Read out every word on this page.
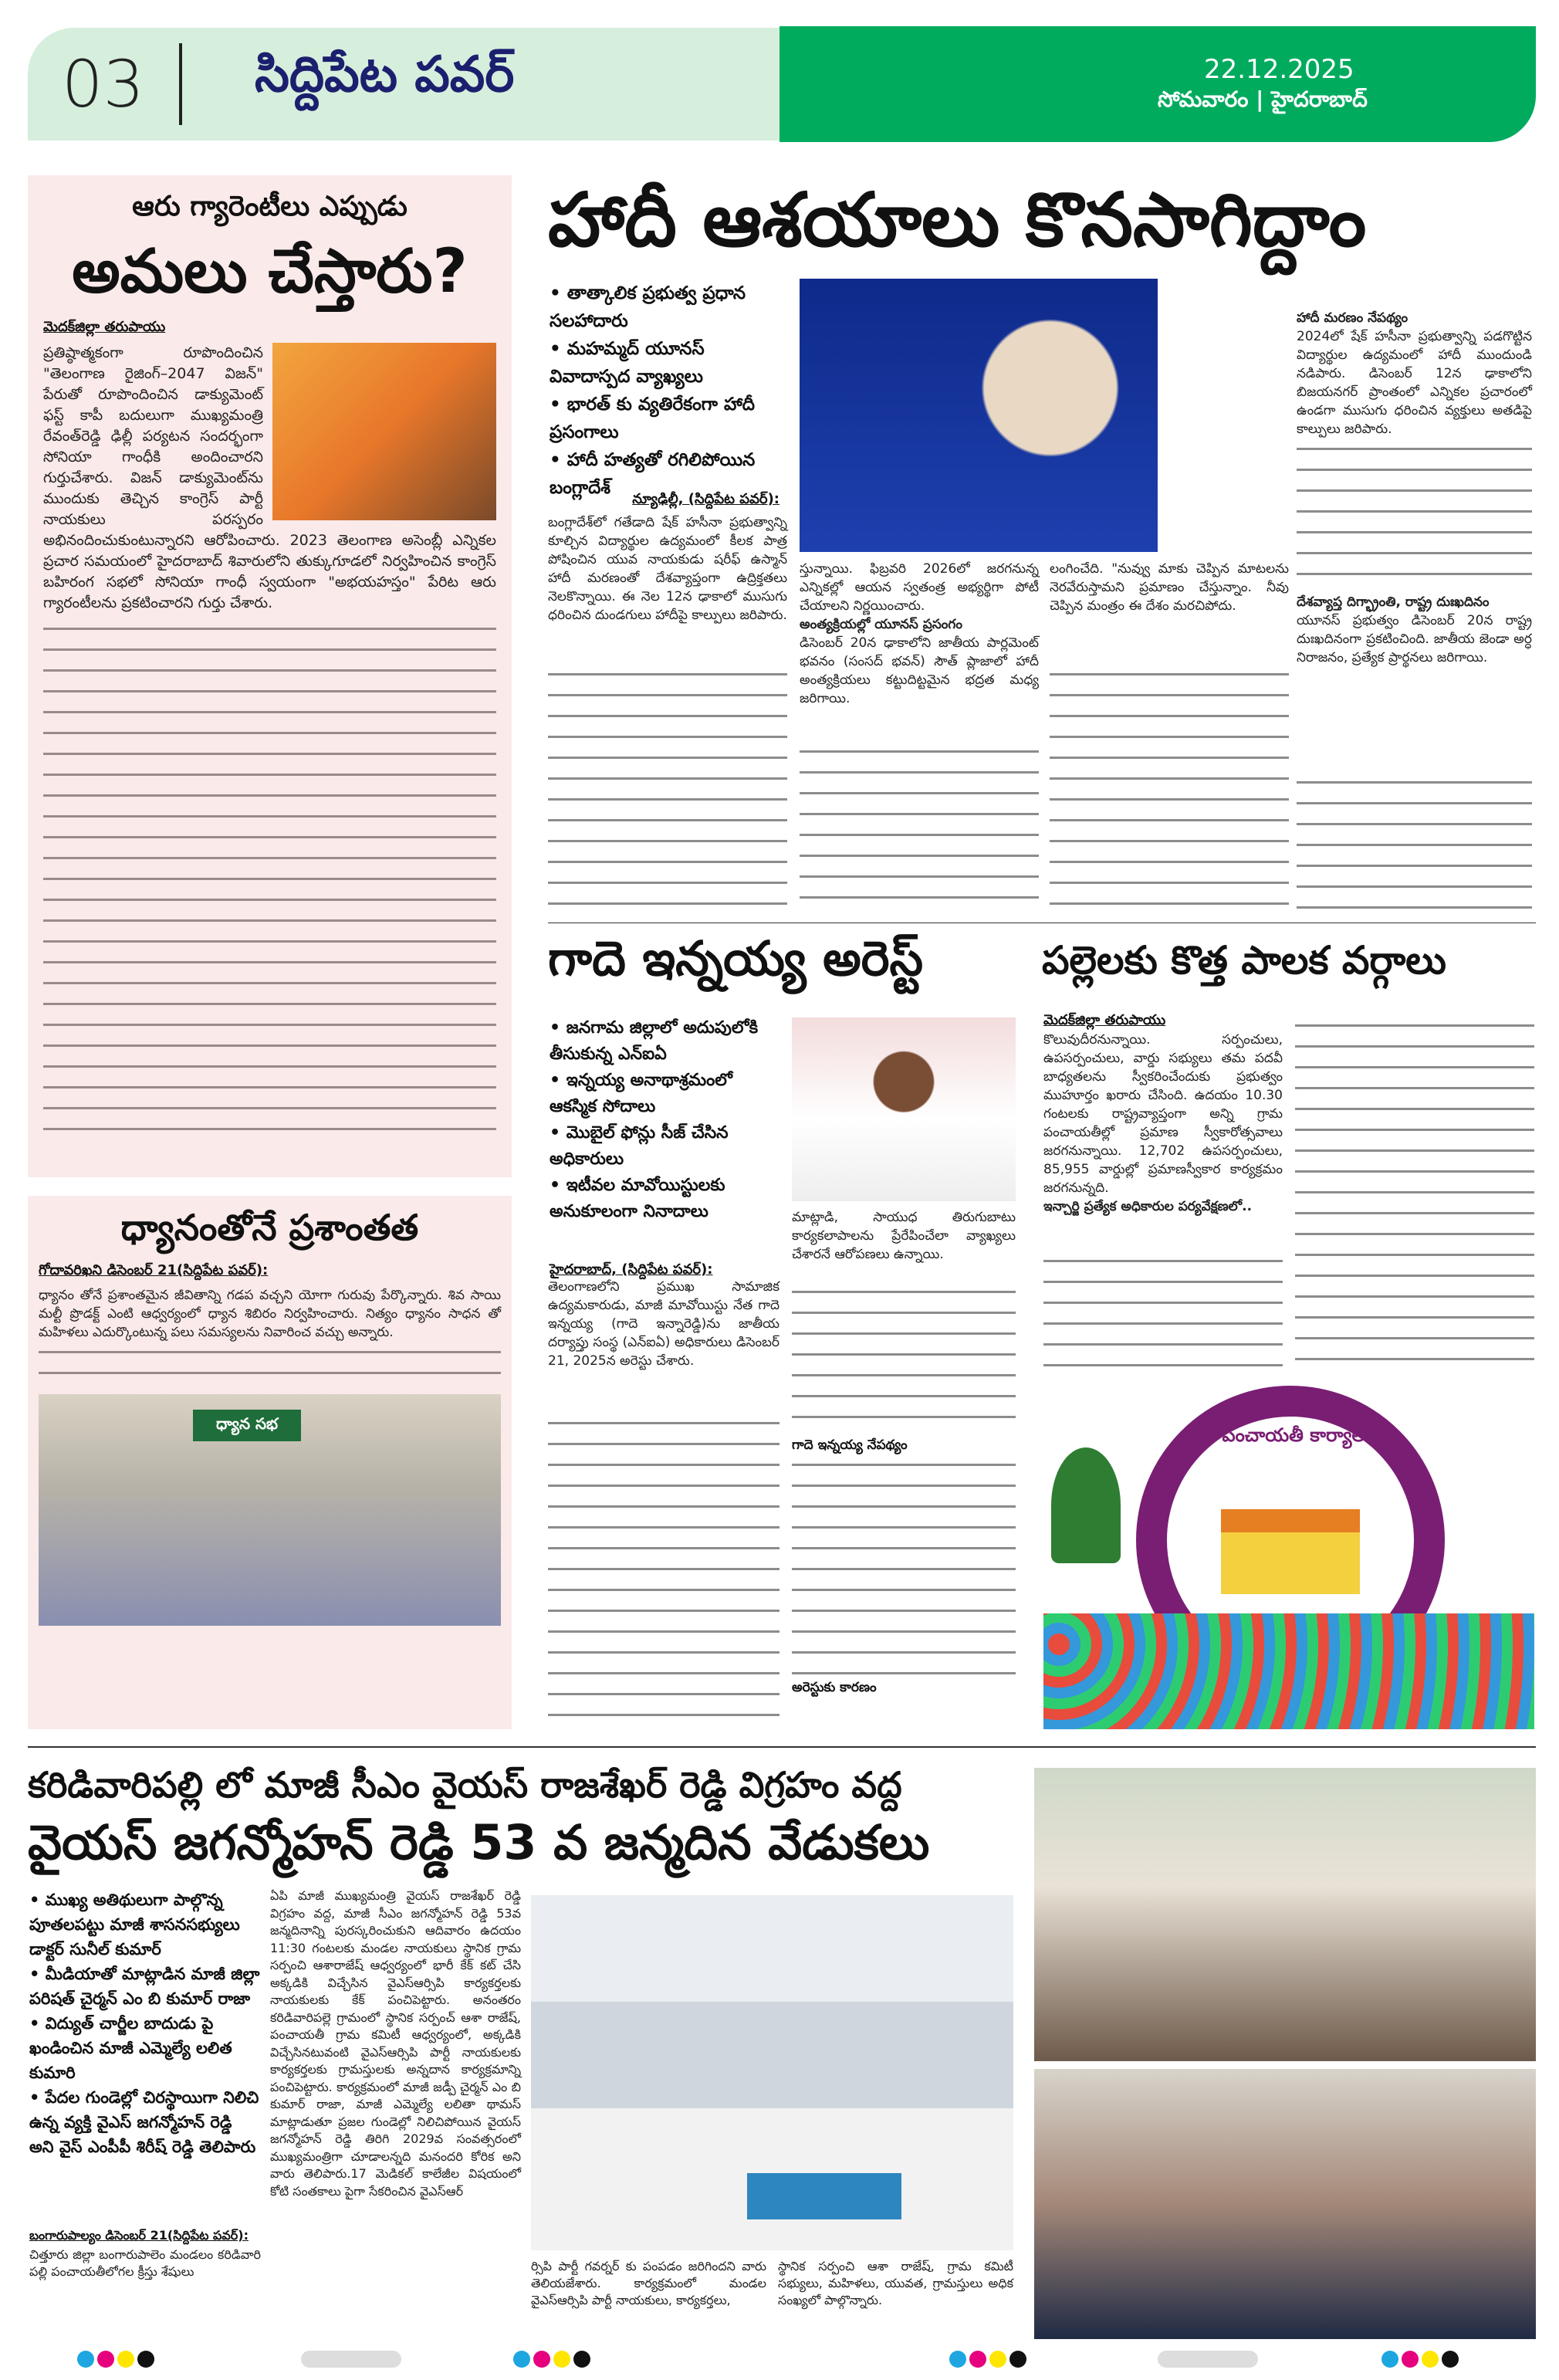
03 సిద్దిపేట పవర్	22.12.2025
సోమవారం | హైదరాబాద్
ఆరు గ్యారెంటీలు ఎప్పుడు
అమలు చేస్తారు?
మెదక్‌జిల్లా తరుపాయు
ప్రతిష్ఠాత్మకంగా రూపొందించిన "తెలంగాణ రైజింగ్–2047 విజన్" పేరుతో రూపొందించిన డాక్యుమెంట్ ఫస్ట్ కాపీ బదులుగా ముఖ్యమంత్రి రేవంత్‌రెడ్డి ఢిల్లీ పర్యటన సందర్భంగా సోనియా గాంధీకి అందించారని గుర్తుచేశారు. విజన్ డాక్యుమెంట్‌ను ముందుకు తెచ్చిన కాంగ్రెస్ పార్టీ నాయకులు పరస్పరం అభినందించుకుంటున్నారని ఆరోపించారు. 2023 తెలంగాణ అసెంబ్లీ ఎన్నికల ప్రచార సమయంలో హైదరాబాద్ శివారులోని తుక్కుగూడలో నిర్వహించిన కాంగ్రెస్ బహిరంగ సభలో సోనియా గాంధీ స్వయంగా "అభయహస్తం" పేరిట ఆరు గ్యారంటీలను ప్రకటించారని గుర్తు చేశారు.
ధ్యానంతోనే ప్రశాంతత
గోదావరిఖని డిసెంబర్ 21(సిద్దిపేట పవర్):
ధ్యానం తోనే ప్రశాంతమైన జీవితాన్ని గడప వచ్చని యోగా గురువు పేర్కొన్నారు. శివ సాయి మల్టీ ప్రొడక్ట్ ఎంటి ఆధ్వర్యంలో ధ్యాన శిబిరం నిర్వహించారు. నిత్యం ధ్యానం సాధన తో మహిళలు ఎదుర్కొంటున్న పలు సమస్యలను నివారించ వచ్చు అన్నారు.
ధ్యాన సభ
హాదీ ఆశయాలు కొనసాగిద్దాం
• తాత్కాలిక ప్రభుత్వ ప్రధాన సలహాదారు
• మహమ్మద్ యూనస్ వివాదాస్పద వ్యాఖ్యలు
• భారత్ కు వ్యతిరేకంగా హాదీ ప్రసంగాలు
• హాదీ హత్యతో రగిలిపోయిన బంగ్లాదేశ్
న్యూఢిల్లీ, (సిద్దిపేట పవర్):
బంగ్లాదేశ్‌లో గతేడాది షేక్ హసీనా ప్రభుత్వాన్ని కూల్చిన విద్యార్థుల ఉద్యమంలో కీలక పాత్ర పోషించిన యువ నాయకుడు షరీఫ్ ఉస్మాన్ హాదీ మరణంతో దేశవ్యాప్తంగా ఉద్రిక్తతలు నెలకొన్నాయి. ఈ నెల 12న ఢాకాలో ముసుగు ధరించిన దుండగులు హాదీపై కాల్పులు జరిపారు.
స్తున్నాయి. ఫిబ్రవరి 2026లో జరగనున్న ఎన్నికల్లో ఆయన స్వతంత్ర అభ్యర్థిగా పోటీ చేయాలని నిర్ణయించారు.
అంత్యక్రియల్లో యూనస్ ప్రసంగం
డిసెంబర్ 20న ఢాకాలోని జాతీయ పార్లమెంట్ భవనం (సంసద్ భవన్) సౌత్ ప్లాజాలో హాదీ అంత్యక్రియలు కట్టుదిట్టమైన భద్రత మధ్య జరిగాయి.
లంగించేది. "నువ్వు మాకు చెప్పిన మాటలను నెరవేరుస్తామని ప్రమాణం చేస్తున్నాం. నీవు చెప్పిన మంత్రం ఈ దేశం మరచిపోదు.
హాదీ మరణం నేపథ్యం
2024లో షేక్ హసీనా ప్రభుత్వాన్ని పడగొట్టిన విద్యార్థుల ఉద్యమంలో హాదీ ముందుండి నడిపారు. డిసెంబర్ 12న ఢాకాలోని బిజయనగర్ ప్రాంతంలో ఎన్నికల ప్రచారంలో ఉండగా ముసుగు ధరించిన వ్యక్తులు అతడిపై కాల్పులు జరిపారు.
దేశవ్యాప్త దిగ్భ్రాంతి, రాష్ట్ర దుఃఖదినం
యూనస్ ప్రభుత్వం డిసెంబర్ 20న రాష్ట్ర దుఃఖదినంగా ప్రకటించింది. జాతీయ జెండా అర్ధ నిరాజనం, ప్రత్యేక ప్రార్థనలు జరిగాయి.
గాదె ఇన్నయ్య అరెస్ట్
• జనగామ జిల్లాలో అదుపులోకి తీసుకున్న ఎన్ఐఏ
• ఇన్నయ్య అనాథాశ్రమంలో ఆకస్మిక సోదాలు
• మొబైల్ ఫోన్లు సీజ్ చేసిన అధికారులు
• ఇటీవల మావోయిస్టులకు అనుకూలంగా నినాదాలు	మాట్లాడి, సాయుధ తిరుగుబాటు కార్యకలాపాలను ప్రేరేపించేలా వ్యాఖ్యలు చేశారనే ఆరోపణలు ఉన్నాయి.
హైదరాబాద్, (సిద్దిపేట పవర్):
తెలంగాణలోని ప్రముఖ సామాజిక ఉద్యమకారుడు, మాజీ మావోయిస్టు నేత గాదె ఇన్నయ్య (గాదె ఇన్నారెడ్డి)ను జాతీయ దర్యాప్తు సంస్థ (ఎన్ఐఏ) అధికారులు డిసెంబర్ 21, 2025న అరెస్టు చేశారు.
గాదె ఇన్నయ్య నేపథ్యం
అరెస్టుకు కారణం
పల్లెలకు కొత్త పాలక వర్గాలు
మెదక్‌జిల్లా తరుపాయు
కొలువుదీరనున్నాయి. సర్పంచులు, ఉపసర్పంచులు, వార్డు సభ్యులు తమ పదవీ బాధ్యతలను స్వీకరించేందుకు ప్రభుత్వం ముహూర్తం ఖరారు చేసింది. ఉదయం 10.30 గంటలకు రాష్ట్రవ్యాప్తంగా అన్ని గ్రామ పంచాయతీల్లో ప్రమాణ స్వీకారోత్సవాలు జరగనున్నాయి. 12,702 ఉపసర్పంచులు, 85,955 వార్డుల్లో ప్రమాణస్వీకార కార్యక్రమం జరగనున్నది.
ఇన్చార్జి ప్రత్యేక అధికారుల పర్యవేక్షణలో..
గ్రామ పంచాయతీ కార్యాలయం
కరిడివారిపల్లి లో మాజీ సీఎం వైయస్ రాజశేఖర్ రెడ్డి విగ్రహం వద్ద
వైయస్ జగన్మోహన్ రెడ్డి 53 వ జన్మదిన వేడుకలు
• ముఖ్య అతిథులుగా పాల్గొన్న పూతలపట్టు మాజీ శాసనసభ్యులు డాక్టర్ సునీల్ కుమార్
• మీడియాతో మాట్లాడిన మాజీ జిల్లా పరిషత్ చైర్మన్ ఎం బి కుమార్ రాజా
• విద్యుత్ చార్జీల బాదుడు పై ఖండించిన మాజీ ఎమ్మెల్యే లలిత కుమారి
• పేదల గుండెల్లో చిరస్థాయిగా నిలిచి ఉన్న వ్యక్తి వైఎస్ జగన్మోహన్ రెడ్డి అని వైస్ ఎంపీపీ శిరీష్ రెడ్డి తెలిపారు
బంగారుపాల్యం డిసెంబర్ 21(సిద్దిపేట పవర్):
చిత్తూరు జిల్లా బంగారుపాలెం మండలం కరిడివారి పల్లి పంచాయతీలోగల క్రీస్తు శేషులు
ఏపి మాజీ ముఖ్యమంత్రి వైయస్ రాజశేఖర్ రెడ్డి విగ్రహం వద్ద, మాజీ సీఎం జగన్మోహన్ రెడ్డి 53వ జన్మదినాన్ని పురస్కరించుకుని ఆదివారం ఉదయం 11:30 గంటలకు మండల నాయకులు స్థానిక గ్రామ సర్పంచి ఆశారాజేష్ ఆధ్వర్యంలో భారీ కేక్ కట్ చేసి అక్కడికి విచ్చేసిన వైఎస్ఆర్సిపి కార్యకర్తలకు నాయకులకు కేక్ పంచిపెట్టారు. అనంతరం కరిడివారిపల్లె గ్రామంలో స్థానిక సర్పంచ్ ఆశా రాజేష్, పంచాయతీ గ్రామ కమిటీ ఆధ్వర్యంలో, అక్కడికి విచ్చేసినటువంటి వైఎస్ఆర్సిపి పార్టీ నాయకులకు కార్యకర్తలకు గ్రామస్తులకు అన్నదాన కార్యక్రమాన్ని పంచిపెట్టారు. కార్యక్రమంలో మాజీ జడ్పీ చైర్మన్ ఎం బి కుమార్ రాజా, మాజీ ఎమ్మెల్యే లలితా థామస్ మాట్లాడుతూ ప్రజల గుండెల్లో నిలిచిపోయిన వైయస్ జగన్మోహన్ రెడ్డి తిరిగి 2029వ సంవత్సరంలో ముఖ్యమంత్రిగా చూడాలన్నది మనందరి కోరిక అని వారు తెలిపారు.17 మెడికల్ కాలేజీల విషయంలో కోటి సంతకాలు పైగా సేకరించిన వైఎస్ఆర్
ర్సిపి పార్టీ గవర్నర్ కు పంపడం జరిగిందని వారు తెలియజేశారు. కార్యక్రమంలో మండల వైఎస్ఆర్సిపి పార్టీ నాయకులు, కార్యకర్తలు,
స్థానిక సర్పంచి ఆశా రాజేష్, గ్రామ కమిటీ సభ్యులు, మహిళలు, యువత, గ్రామస్తులు అధిక సంఖ్యలో పాల్గొన్నారు.
